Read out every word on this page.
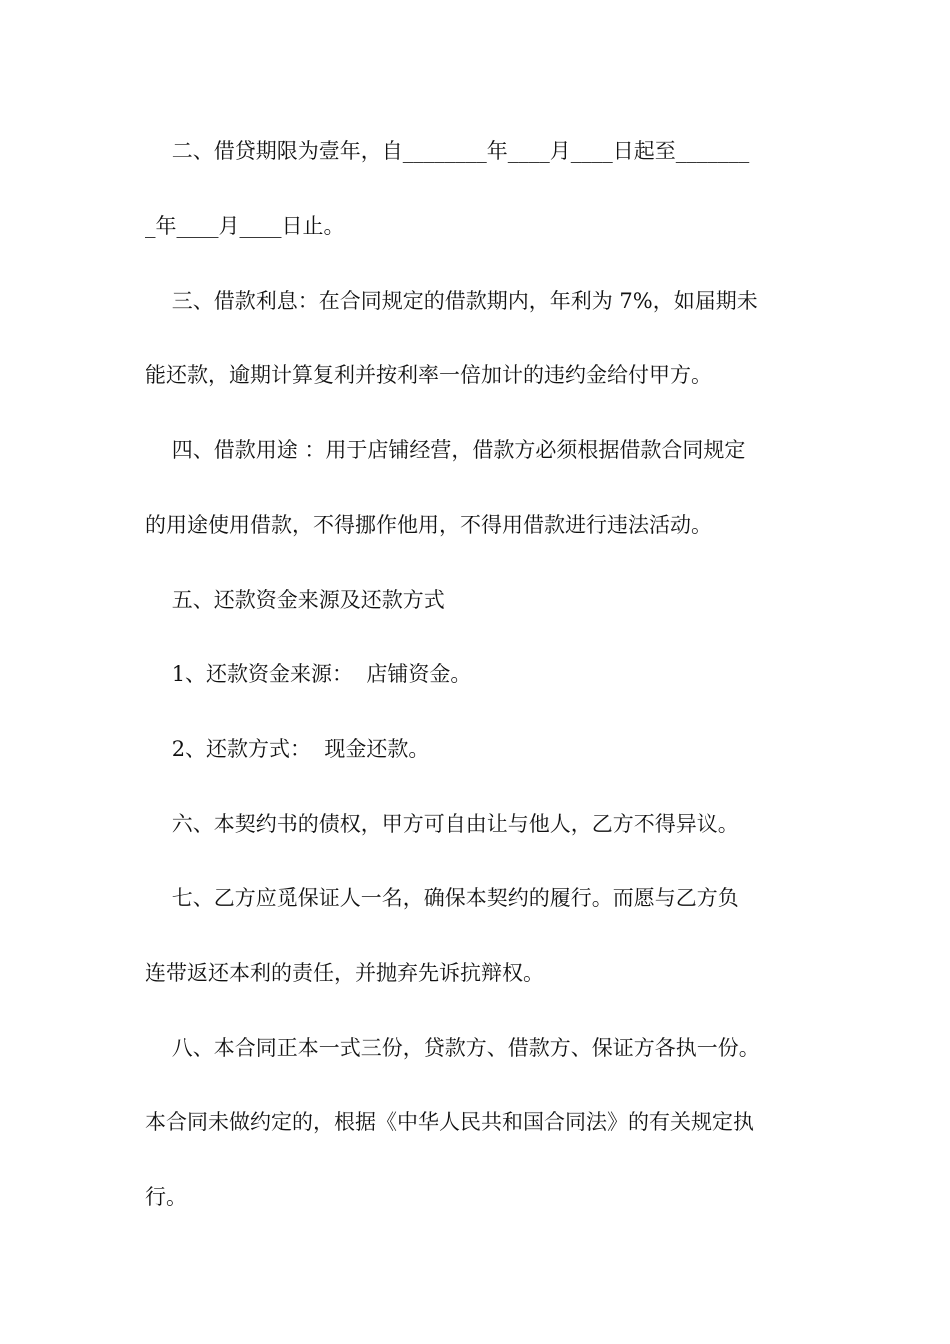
二、借贷期限为壹年，自________年____月____日起至_______
_年____月____日止。
三、借款利息：在合同规定的借款期内，年利为 7%，如届期未
能还款，逾期计算复利并按利率一倍加计的违约金给付甲方。
四、借款用途 ：用于店铺经营，借款方必须根据借款合同规定
的用途使用借款，不得挪作他用，不得用借款进行违法活动。
五、还款资金来源及还款方式
1、还款资金来源：  店铺资金。
2、还款方式：  现金还款。
六、本契约书的债权，甲方可自由让与他人，乙方不得异议。
七、乙方应觅保证人一名，确保本契约的履行。而愿与乙方负
连带返还本利的责任，并抛弃先诉抗辩权。
八、本合同正本一式三份，贷款方、借款方、保证方各执一份。
本合同未做约定的，根据《中华人民共和国合同法》的有关规定执
行。
